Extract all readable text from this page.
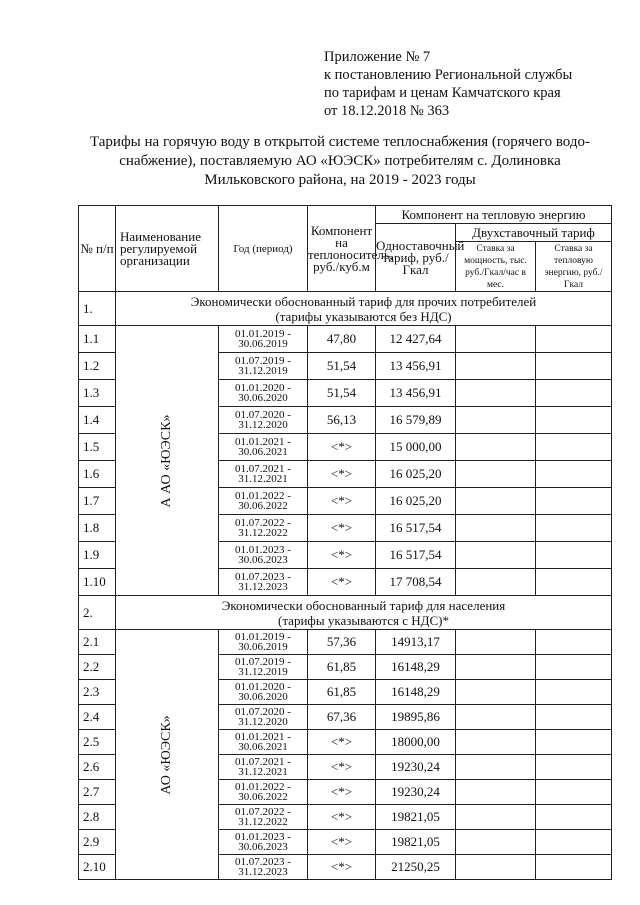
Приложение № 7
к постановлению Региональной службы
по тарифам и ценам Камчатского края
от 18.12.2018 № 363
Тарифы на горячую воду в открытой системе теплоснабжения (горячего водо-
снабжение), поставляемую АО «ЮЭСК» потребителям с. Долиновка
Мильковского района, на 2019 - 2023 годы
№ п/п	Наименование регулируемой организации	Год (период)	Компонент на теплоноситель, руб./куб.м	Компонент на тепловую энергию		
				Одноставочный тариф, руб./Гкал	Двухставочный тариф	
					Ставка за мощность, тыс. руб./Гкал/час в мес.	Ставка за тепловую энергию, руб./Гкал
1.	Экономически обоснованный тариф для прочих потребителей
(тарифы указываются без НДС)					

1.1	А АО «ЮЭСК»	01.01.2019 -
30.06.2019	47,80	12 427,64		
1.2		01.07.2019 -
31.12.2019	51,54	13 456,91		
1.3		01.01.2020 -
30.06.2020	51,54	13 456,91		
1.4		01.07.2020 -
31.12.2020	56,13	16 579,89		
1.5		01.01.2021 -
30.06.2021	<*>	15 000,00		
1.6		01.07.2021 -
31.12.2021	<*>	16 025,20		
1.7		01.01.2022 -
30.06.2022	<*>	16 025,20		
1.8		01.07.2022 -
31.12.2022	<*>	16 517,54		
1.9		01.01.2023 -
30.06.2023	<*>	16 517,54		
1.10		01.07.2023 -
31.12.2023	<*>	17 708,54		
2.	Экономически обоснованный тариф для населения
(тарифы указываются с НДС)*					

2.1	АО «ЮЭСК»	01.01.2019 -
30.06.2019	57,36	14913,17		
2.2		01.07.2019 -
31.12.2019	61,85	16148,29		
2.3		01.01.2020 -
30.06.2020	61,85	16148,29		
2.4		01.07.2020 -
31.12.2020	67,36	19895,86		
2.5		01.01.2021 -
30.06.2021	<*>	18000,00		
2.6		01.07.2021 -
31.12.2021	<*>	19230,24		
2.7		01.01.2022 -
30.06.2022	<*>	19230,24		
2.8		01.07.2022 -
31.12.2022	<*>	19821,05		
2.9		01.01.2023 -
30.06.2023	<*>	19821,05		
2.10		01.07.2023 -
31.12.2023	<*>	21250,25		
